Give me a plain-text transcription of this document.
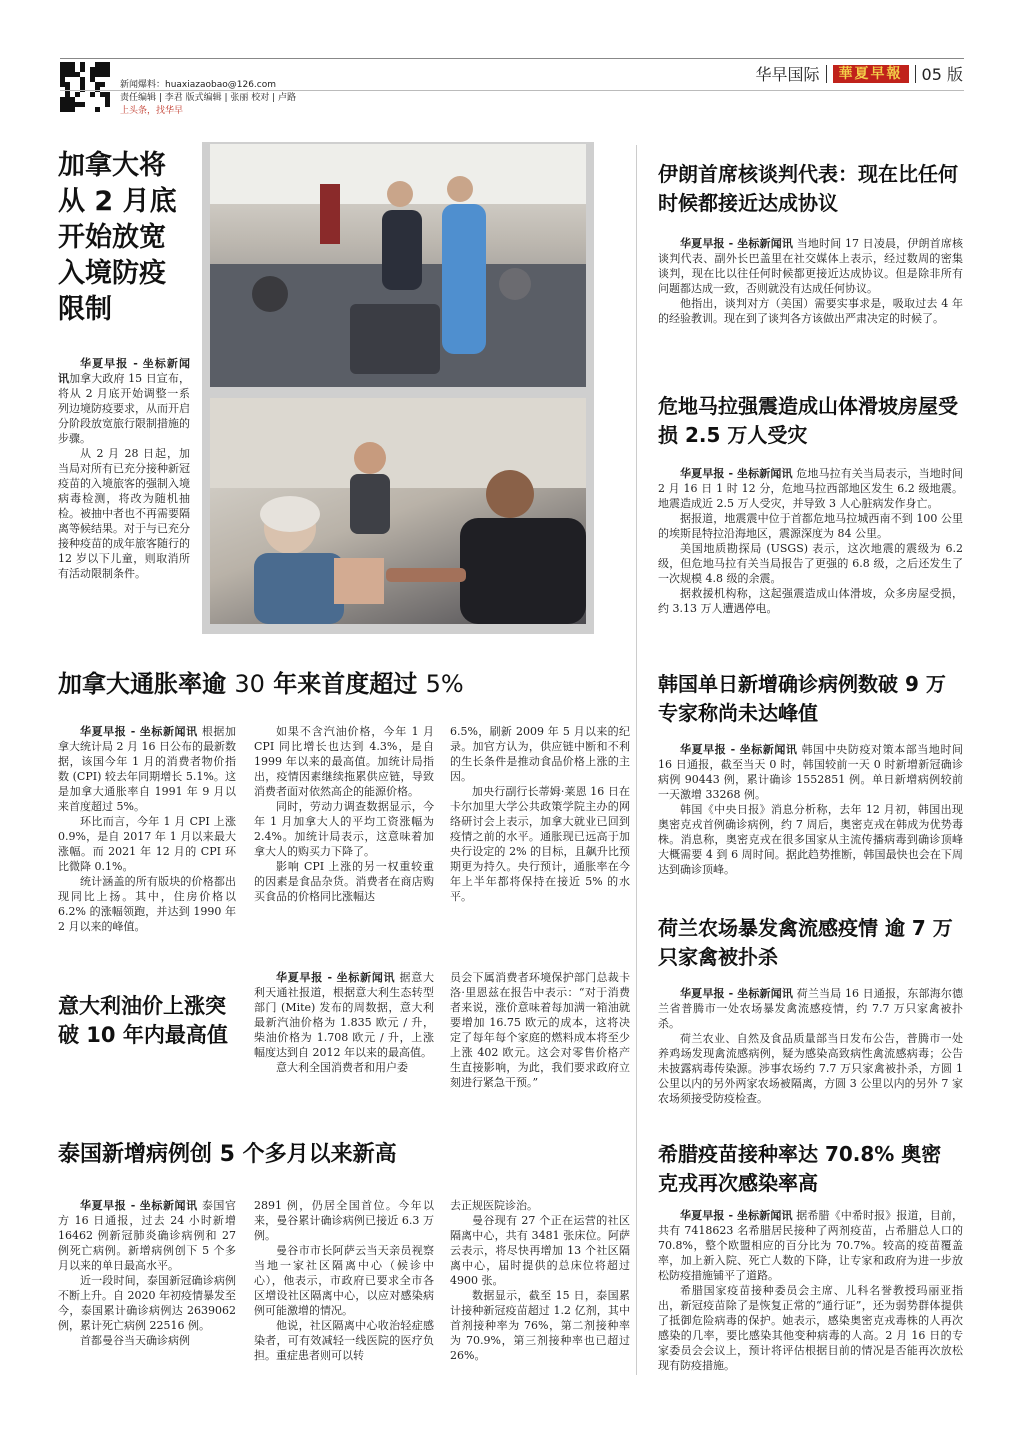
新闻爆料：huaxiazaobao@126.com
责任编辑 | 李君 版式编辑 | 张丽 校对 | 卢路
上头条，找华早
华早国际	華夏早報	05 版
加拿大将从 2 月底开始放宽入境防疫限制

华夏早报 - 坐标新闻讯加拿大政府 15 日宣布，将从 2 月底开始调整一系列边境防疫要求，从而开启分阶段放宽旅行限制措施的步骤。

从 2 月 28 日起，加当局对所有已充分接种新冠疫苗的入境旅客的强制入境病毒检测，将改为随机抽检。被抽中者也不再需要隔离等候结果。对于与已充分接种疫苗的成年旅客随行的 12 岁以下儿童，则取消所有活动限制条件。

伊朗首席核谈判代表：现在比任何时候都接近达成协议

华夏早报 - 坐标新闻讯 当地时间 17 日凌晨，伊朗首席核谈判代表、副外长巴盖里在社交媒体上表示，经过数周的密集谈判，现在比以往任何时候都更接近达成协议。但是除非所有问题都达成一致，否则就没有达成任何协议。

他指出，谈判对方（美国）需要实事求是，吸取过去 4 年的经验教训。现在到了谈判各方该做出严肃决定的时候了。

危地马拉强震造成山体滑坡房屋受损 2.5 万人受灾

华夏早报 - 坐标新闻讯 危地马拉有关当局表示，当地时间 2 月 16 日 1 时 12 分，危地马拉西部地区发生 6.2 级地震。地震造成近 2.5 万人受灾，并导致 3 人心脏病发作身亡。

据报道，地震震中位于首都危地马拉城西南不到 100 公里的埃斯昆特拉沿海地区，震源深度为 84 公里。

美国地质勘探局 (USGS) 表示，这次地震的震级为 6.2 级，但危地马拉有关当局报告了更强的 6.8 级，之后还发生了一次规模 4.8 级的余震。

据救援机构称，这起强震造成山体滑坡，众多房屋受损，约 3.13 万人遭遇停电。

加拿大通胀率逾 30 年来首度超过 5%

华夏早报 - 坐标新闻讯 根据加拿大统计局 2 月 16 日公布的最新数据，该国今年 1 月的消费者物价指数 (CPI) 较去年同期增长 5.1%。这是加拿大通胀率自 1991 年 9 月以来首度超过 5%。

环比而言，今年 1 月 CPI 上涨 0.9%，是自 2017 年 1 月以来最大涨幅。而 2021 年 12 月的 CPI 环比微降 0.1%。

统计涵盖的所有版块的价格都出现同比上扬。其中，住房价格以 6.2% 的涨幅领跑，并达到 1990 年 2 月以来的峰值。

如果不含汽油价格，今年 1 月 CPI 同比增长也达到 4.3%，是自 1999 年以来的最高值。加统计局指出，疫情因素继续拖累供应链，导致消费者面对依然高企的能源价格。

同时，劳动力调查数据显示，今年 1 月加拿大人的平均工资涨幅为 2.4%。加统计局表示，这意味着加拿大人的购买力下降了。

影响 CPI 上涨的另一权重较重的因素是食品杂货。消费者在商店购买食品的价格同比涨幅达

6.5%，刷新 2009 年 5 月以来的纪录。加官方认为，供应链中断和不利的生长条件是推动食品价格上涨的主因。

加央行副行长蒂姆·莱恩 16 日在卡尔加里大学公共政策学院主办的网络研讨会上表示，加拿大就业已回到疫情之前的水平。通胀现已远高于加央行设定的 2% 的目标，且飙升比预期更为持久。央行预计，通胀率在今年上半年都将保持在接近 5% 的水平。

韩国单日新增确诊病例数破 9 万 专家称尚未达峰值

华夏早报 - 坐标新闻讯 韩国中央防疫对策本部当地时间 16 日通报，截至当天 0 时，韩国较前一天 0 时新增新冠确诊病例 90443 例，累计确诊 1552851 例。单日新增病例较前一天激增 33268 例。

韩国《中央日报》消息分析称，去年 12 月初，韩国出现奥密克戎首例确诊病例，约 7 周后，奥密克戎在韩成为优势毒株。消息称，奥密克戎在很多国家从主流传播病毒到确诊顶峰大概需要 4 到 6 周时间。据此趋势推断，韩国最快也会在下周达到确诊顶峰。

意大利油价上涨突破 10 年内最高值

华夏早报 - 坐标新闻讯 据意大利天通社报道，根据意大利生态转型部门 (Mite) 发布的周数据，意大利最新汽油价格为 1.835 欧元 / 升，柴油价格为 1.708 欧元 / 升，上涨幅度达到自 2012 年以来的最高值。

意大利全国消费者和用户委

员会下属消费者环境保护部门总裁卡洛·里恩兹在报告中表示：“对于消费者来说，涨价意味着每加满一箱油就要增加 16.75 欧元的成本，这将决定了每年每个家庭的燃料成本将至少上涨 402 欧元。这会对零售价格产生直接影响，为此，我们要求政府立刻进行紧急干预。”

荷兰农场暴发禽流感疫情 逾 7 万只家禽被扑杀

华夏早报 - 坐标新闻讯 荷兰当局 16 日通报，东部海尔德兰省普腾市一处农场暴发禽流感疫情，约 7.7 万只家禽被扑杀。

荷兰农业、自然及食品质量部当日发布公告，普腾市一处养鸡场发现禽流感病例，疑为感染高致病性禽流感病毒；公告未披露病毒传染源。涉事农场约 7.7 万只家禽被扑杀，方圆 1 公里以内的另外两家农场被隔离，方圆 3 公里以内的另外 7 家农场须接受防疫检查。

泰国新增病例创 5 个多月以来新高

华夏早报 - 坐标新闻讯 泰国官方 16 日通报，过去 24 小时新增 16462 例新冠肺炎确诊病例和 27 例死亡病例。新增病例创下 5 个多月以来的单日最高水平。

近一段时间，泰国新冠确诊病例不断上升。自 2020 年初疫情暴发至今，泰国累计确诊病例达 2639062 例，累计死亡病例 22516 例。

首都曼谷当天确诊病例

2891 例，仍居全国首位。今年以来，曼谷累计确诊病例已接近 6.3 万例。

曼谷市市长阿萨云当天亲员视察当地一家社区隔离中心（候诊中心），他表示，市政府已要求全市各区增设社区隔离中心，以应对感染病例可能激增的情况。

他说，社区隔离中心收治轻症感染者，可有效减轻一线医院的医疗负担。重症患者则可以转

去正规医院诊治。

曼谷现有 27 个正在运营的社区隔离中心，共有 3481 张床位。阿萨云表示，将尽快再增加 13 个社区隔离中心，届时提供的总床位将超过 4900 张。

数据显示，截至 15 日，泰国累计接种新冠疫苗超过 1.2 亿剂，其中首剂接种率为 76%，第二剂接种率为 70.9%，第三剂接种率也已超过 26%。

希腊疫苗接种率达 70.8% 奥密克戎再次感染率高

华夏早报 - 坐标新闻讯 据希腊《中希时报》报道，目前，共有 7418623 名希腊居民接种了两剂疫苗，占希腊总人口的 70.8%，整个欧盟相应的百分比为 70.7%。较高的疫苗覆盖率，加上新入院、死亡人数的下降，让专家和政府为进一步放松防疫措施铺平了道路。

希腊国家疫苗接种委员会主席、儿科名誉教授玛丽亚指出，新冠疫苗除了是恢复正常的“通行证”，还为弱势群体提供了抵御危险病毒的保护。她表示，感染奥密克戎毒株的人再次感染的几率，要比感染其他变种病毒的人高。2 月 16 日的专家委员会会议上，预计将评估根据目前的情况是否能再次放松现有防疫措施。
